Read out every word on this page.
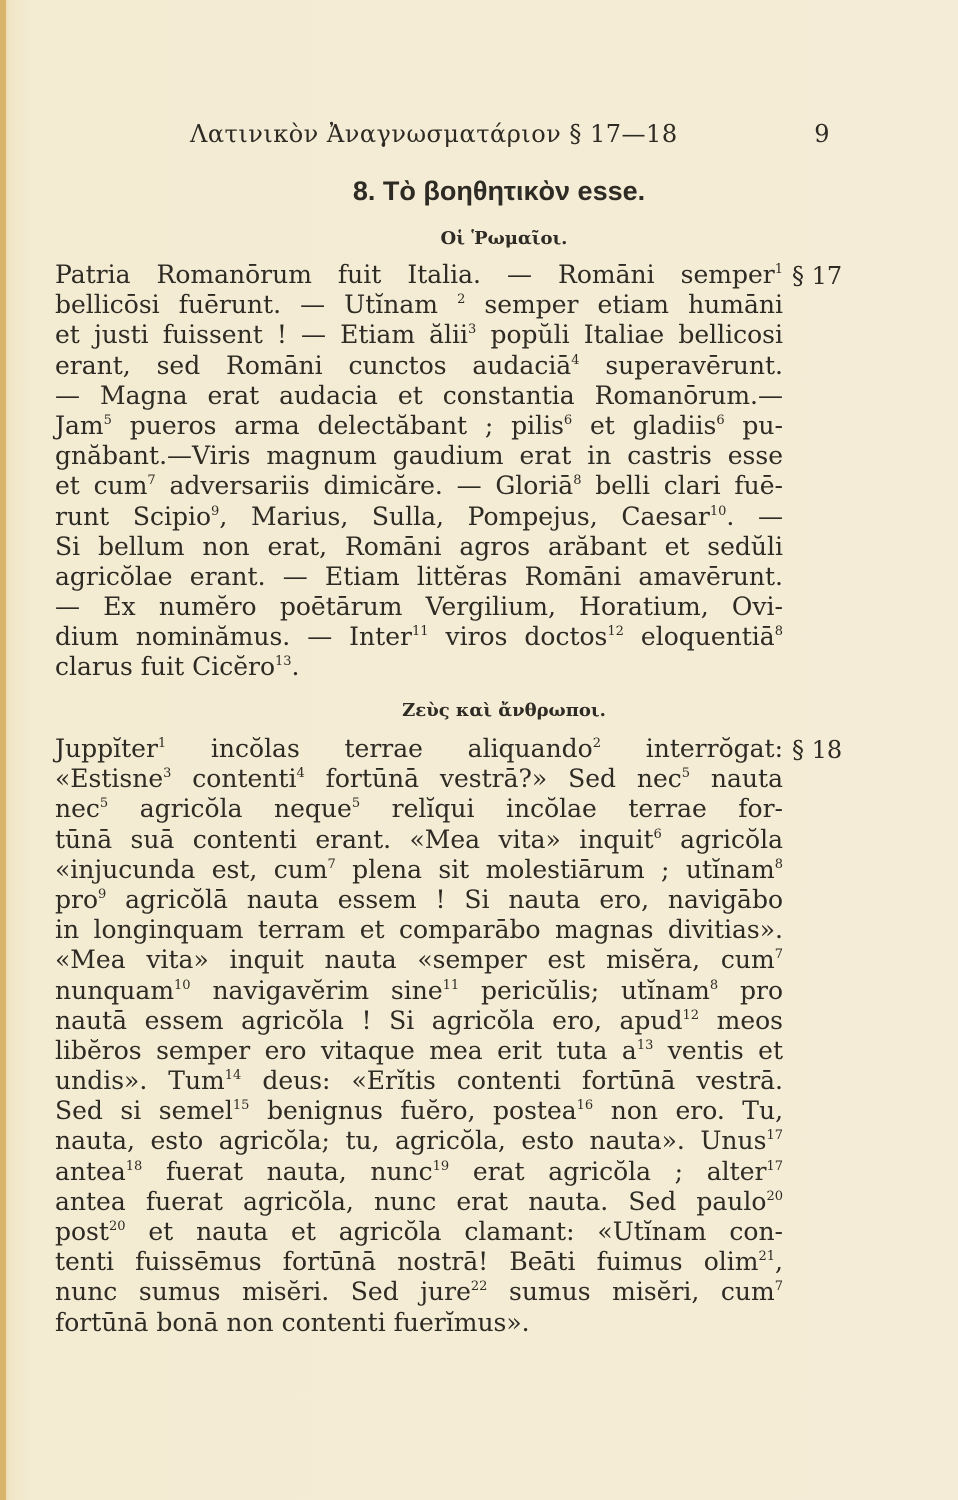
Λατινικὸν Ἀναγνωσματάριον § 17—18	9
8. Τὸ βοηθητικὸν esse.
Οἱ Ῥωμαῖοι.
§ 17
Patria Romanōrum fuit Italia. — Romāni semper$^1$
bellicōsi fuērunt. — Utĭnam $^2$ semper etiam humāni
et justi fuissent ! — Etiam ălii$^3$ popŭli Italiae bellicosi
erant, sed Romāni cunctos audaciā$^4$ superavērunt.
— Magna erat audacia et constantia Romanōrum.—
Jam$^5$ pueros arma delectăbant ; pilis$^6$ et gladiis$^6$ pu-
gnăbant.—Viris magnum gaudium erat in castris esse
et cum$^7$ adversariis dimicăre. — Gloriā$^8$ belli clari fuē-
runt Scipio$^9$, Marius, Sulla, Pompejus, Caesar$^{10}$. —
Si bellum non erat, Romāni agros arăbant et sedŭli
agricŏlae erant. — Etiam littĕras Romāni amavērunt.
— Ex numĕro poētārum Vergilium, Horatium, Ovi-
dium nominămus. — Inter$^{11}$ viros doctos$^{12}$ eloquentiā$^8$
clarus fuit Cicĕro$^{13}$.
Ζεὺς καὶ ἄνθρωποι.
§ 18
Juppĭter$^1$ incŏlas terrae aliquando$^2$ interrŏgat:
«Estisne$^3$ contenti$^4$ fortūnā vestrā?» Sed nec$^5$ nauta
nec$^5$ agricŏla neque$^5$ relĭqui incŏlae terrae for-
tūnā suā contenti erant. «Mea vita» inquit$^6$ agricŏla
«injucunda est, cum$^7$ plena sit molestiārum ; utĭnam$^8$
pro$^9$ agricŏlā nauta essem ! Si nauta ero, navigābo
in longinquam terram et comparābo magnas divitias».
«Mea vita» inquit nauta «semper est misĕra, cum$^7$
nunquam$^{10}$ navigavĕrim sine$^{11}$ pericŭlis; utĭnam$^8$ pro
nautā essem agricŏla ! Si agricŏla ero, apud$^{12}$ meos
libĕros semper ero vitaque mea erit tuta $a^{13}$ ventis et
undis». Tum$^{14}$ deus: «Erĭtis contenti fortūnā vestrā.
Sed si semel$^{15}$ benignus fuĕro, postea$^{16}$ non ero. Tu,
nauta, esto agricŏla; tu, agricŏla, esto nauta». Unus$^{17}$
antea$^{18}$ fuerat nauta, nunc$^{19}$ erat agricŏla ; alter$^{17}$
antea fuerat agricŏla, nunc erat nauta. Sed paulo$^{20}$
post$^{20}$ et nauta et agricŏla clamant: «Utĭnam con-
tenti fuissēmus fortūnā nostrā! Beāti fuimus olim$^{21}$,
nunc sumus misĕri. Sed jure$^{22}$ sumus misĕri, cum$^7$
fortūnā bonā non contenti fuerĭmus».
